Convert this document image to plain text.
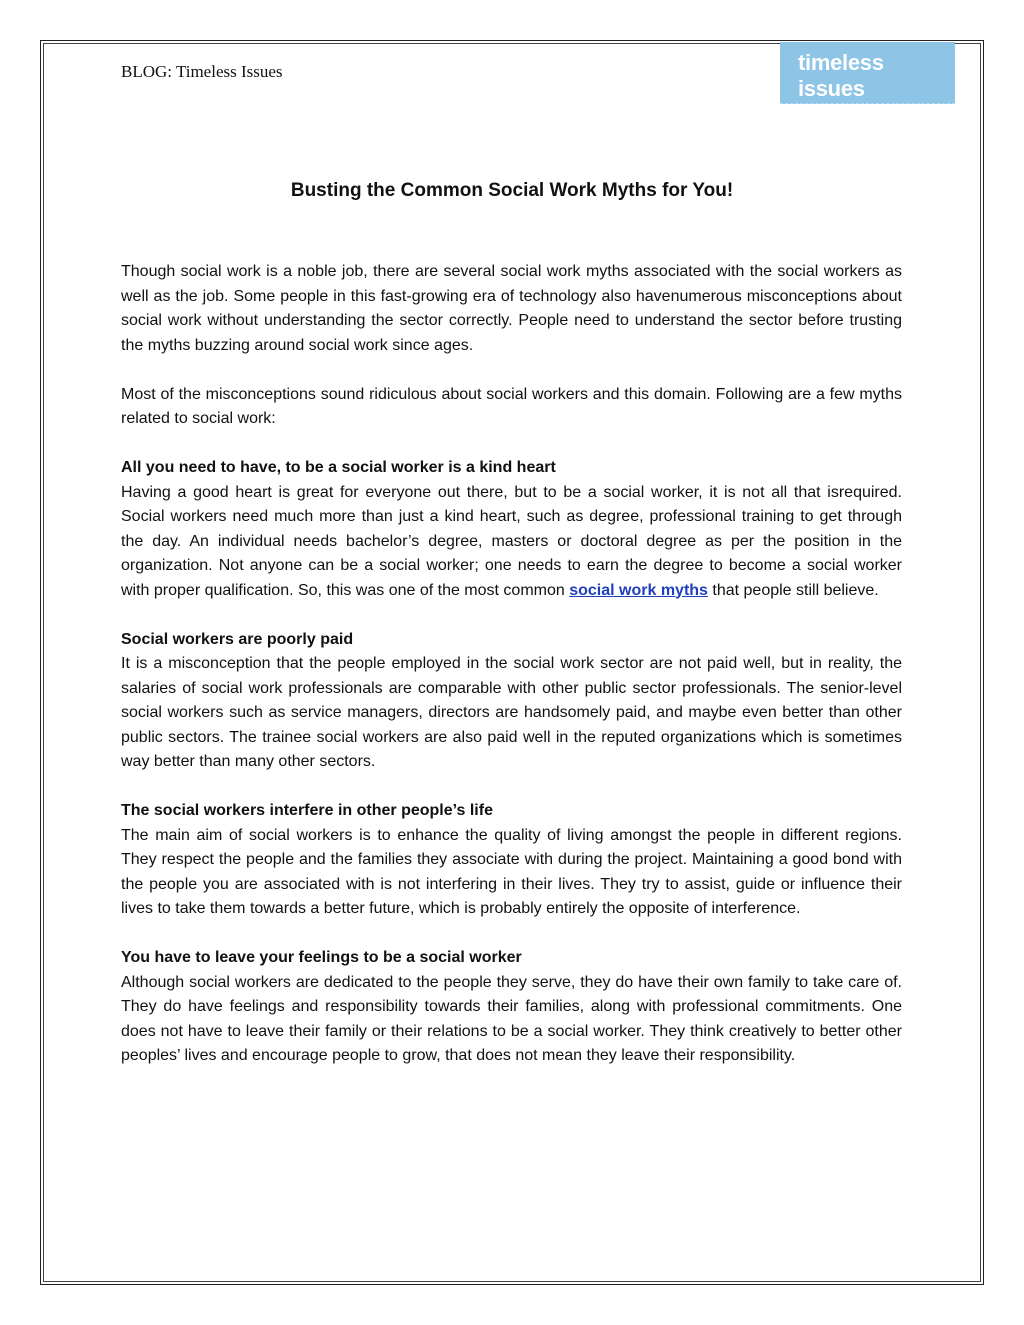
BLOG: Timeless Issues	timeless issues
Busting the Common Social Work Myths for You!

Though social work is a noble job, there are several social work myths associated with the social workers as well as the job. Some people in this fast-growing era of technology also havenumerous misconceptions about social work without understanding the sector correctly. People need to understand the sector before trusting the myths buzzing around social work since ages.

Most of the misconceptions sound ridiculous about social workers and this domain. Following are a few myths related to social work:

All you need to have, to be a social worker is a kind heart

Having a good heart is great for everyone out there, but to be a social worker, it is not all that isrequired. Social workers need much more than just a kind heart, such as degree, professional training to get through the day. An individual needs bachelor’s degree, masters or doctoral degree as per the position in the organization. Not anyone can be a social worker; one needs to earn the degree to become a social worker with proper qualification. So, this was one of the most common social work myths that people still believe.

Social workers are poorly paid

It is a misconception that the people employed in the social work sector are not paid well, but in reality, the salaries of social work professionals are comparable with other public sector professionals. The senior-level social workers such as service managers, directors are handsomely paid, and maybe even better than other public sectors. The trainee social workers are also paid well in the reputed organizations which is sometimes way better than many other sectors.

The social workers interfere in other people’s life

The main aim of social workers is to enhance the quality of living amongst the people in different regions. They respect the people and the families they associate with during the project. Maintaining a good bond with the people you are associated with is not interfering in their lives. They try to assist, guide or influence their lives to take them towards a better future, which is probably entirely the opposite of interference.

You have to leave your feelings to be a social worker

Although social workers are dedicated to the people they serve, they do have their own family to take care of. They do have feelings and responsibility towards their families, along with professional commitments. One does not have to leave their family or their relations to be a social worker. They think creatively to better other peoples’ lives and encourage people to grow, that does not mean they leave their responsibility.
